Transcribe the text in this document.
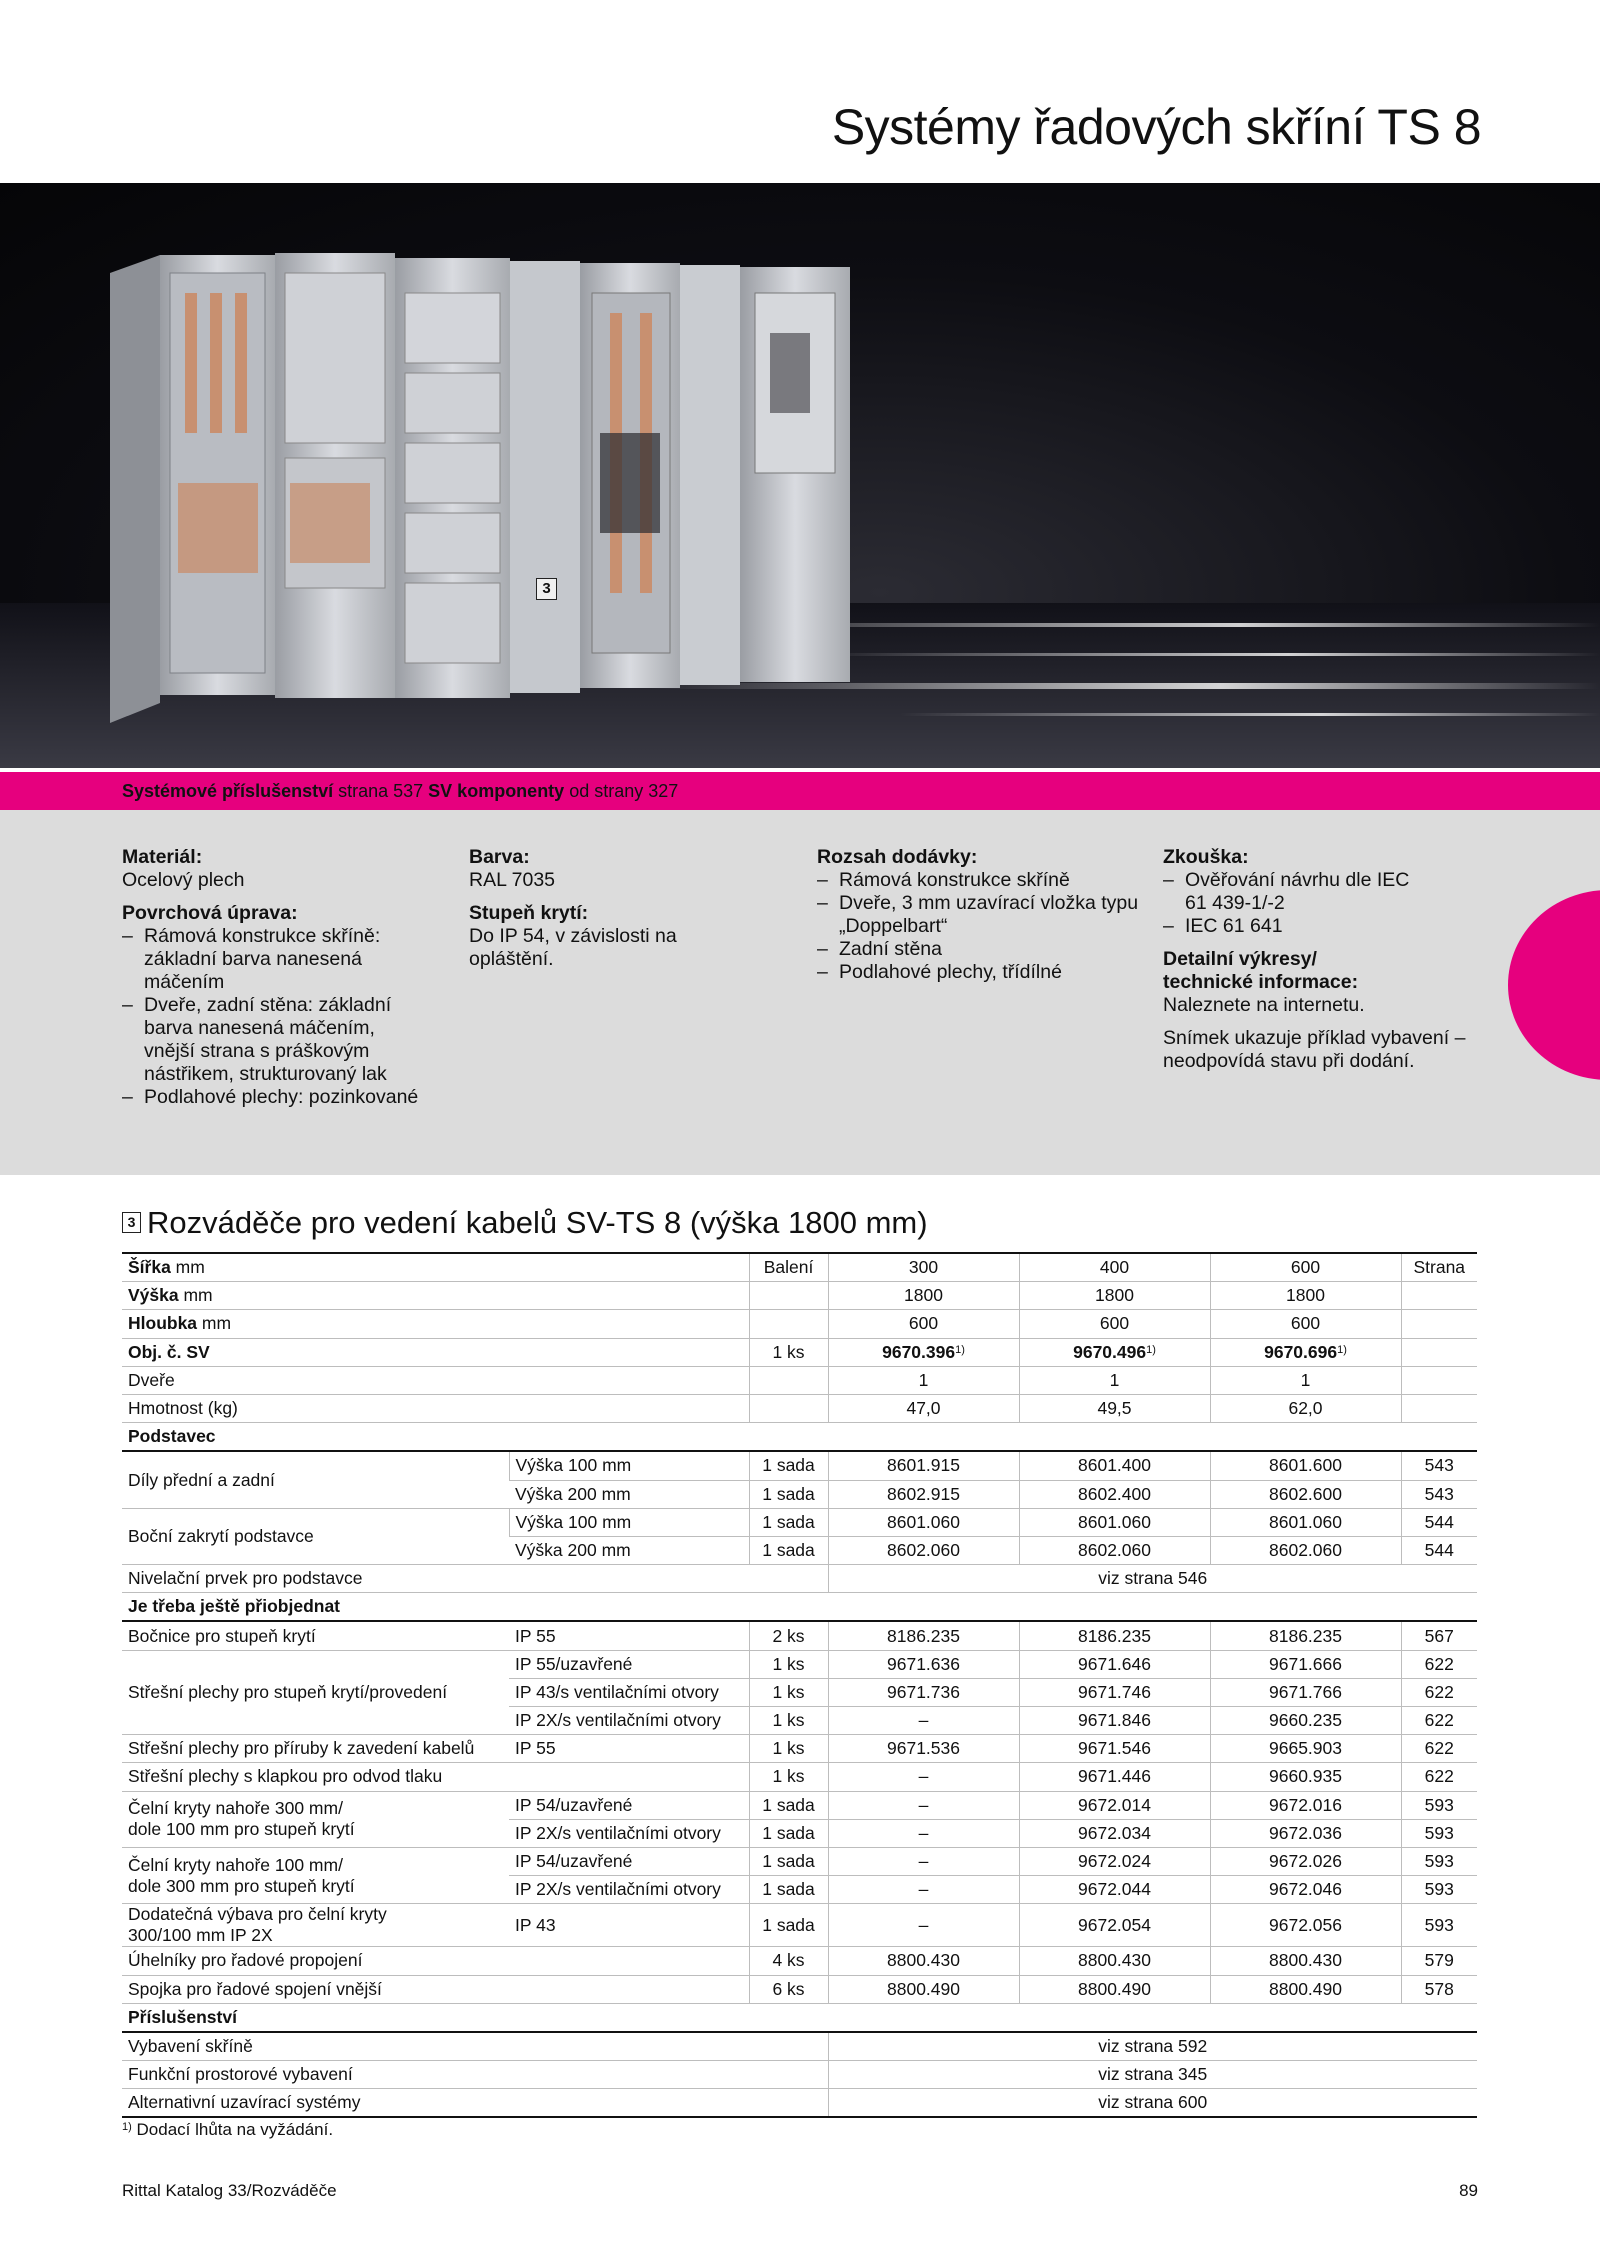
Systémy řadových skříní TS 8
3
Systémové příslušenství strana 537 SV komponenty od strany 327
Materiál:
Ocelový plech
Povrchová úprava:
– Rámová konstrukce skříně: základní barva nanesená máčením
– Dveře, zadní stěna: základní barva nanesená máčením, vnější strana s práškovým nástřikem, strukturovaný lak
– Podlahové plechy: pozinkované
Barva:
RAL 7035
Stupeň krytí:
Do IP 54, v závislosti na opláštění.
Rozsah dodávky:
– Rámová konstrukce skříně
– Dveře, 3 mm uzavírací vložka typu „Doppelbart“
– Zadní stěna
– Podlahové plechy, třídílné
Zkouška:
– Ověřování návrhu dle IEC 61 439-1/-2
– IEC 61 641
Detailní výkresy/
technické informace:
Naleznete na internetu.
Snímek ukazuje příklad vybavení – neodpovídá stavu při dodání.
3 Rozváděče pro vedení kabelů SV-TS 8 (výška 1800 mm)
Šířka mm		Balení	300	400	600	Strana
Výška mm			1800	1800	1800	
Hloubka mm			600	600	600	
Obj. č. SV		1 ks	9670.396$^{1)}$	9670.496$^{1)}$	9670.696$^{1)}$	
Dveře			1	1	1	
Hmotnost (kg)			47,0	49,5	62,0	
Podstavec						
Díly přední a zadní	Výška 100 mm	1 sada	8601.915	8601.400	8601.600	543
	Výška 200 mm	1 sada	8602.915	8602.400	8602.600	543
Boční zakrytí podstavce	Výška 100 mm	1 sada	8601.060	8601.060	8601.060	544
	Výška 200 mm	1 sada	8602.060	8602.060	8602.060	544
Nivelační prvek pro podstavce			viz strana 546			
Je třeba ještě přiobjednat						
Bočnice pro stupeň krytí	IP 55	2 ks	8186.235	8186.235	8186.235	567
Střešní plechy pro stupeň krytí/provedení	IP 55/uzavřené	1 ks	9671.636	9671.646	9671.666	622
	IP 43/s ventilačními otvory	1 ks	9671.736	9671.746	9671.766	622
	IP 2X/s ventilačními otvory	1 ks	–	9671.846	9660.235	622
Střešní plechy pro příruby k zavedení kabelů	IP 55	1 ks	9671.536	9671.546	9665.903	622
Střešní plechy s klapkou pro odvod tlaku		1 ks	–	9671.446	9660.935	622

Čelní kryty nahoře 300 mm/
dole 100 mm pro stupeň krytí	IP 54/uzavřené	1 sada	–	9672.014	9672.016	593
	IP 2X/s ventilačními otvory	1 sada	–	9672.034	9672.036	593

Čelní kryty nahoře 100 mm/
dole 300 mm pro stupeň krytí	IP 54/uzavřené	1 sada	–	9672.024	9672.026	593
	IP 2X/s ventilačními otvory	1 sada	–	9672.044	9672.046	593

Dodatečná výbava pro čelní kryty
300/100 mm IP 2X	IP 43	1 sada	–	9672.054	9672.056	593
Úhelníky pro řadové propojení		4 ks	8800.430	8800.430	8800.430	579
Spojka pro řadové spojení vnější		6 ks	8800.490	8800.490	8800.490	578
Příslušenství						
Vybavení skříně			viz strana 592			
Funkční prostorové vybavení			viz strana 345			
Alternativní uzavírací systémy			viz strana 600			
$^{1)}$ Dodací lhůta na vyžádání.
Rittal Katalog 33/Rozváděče	89
